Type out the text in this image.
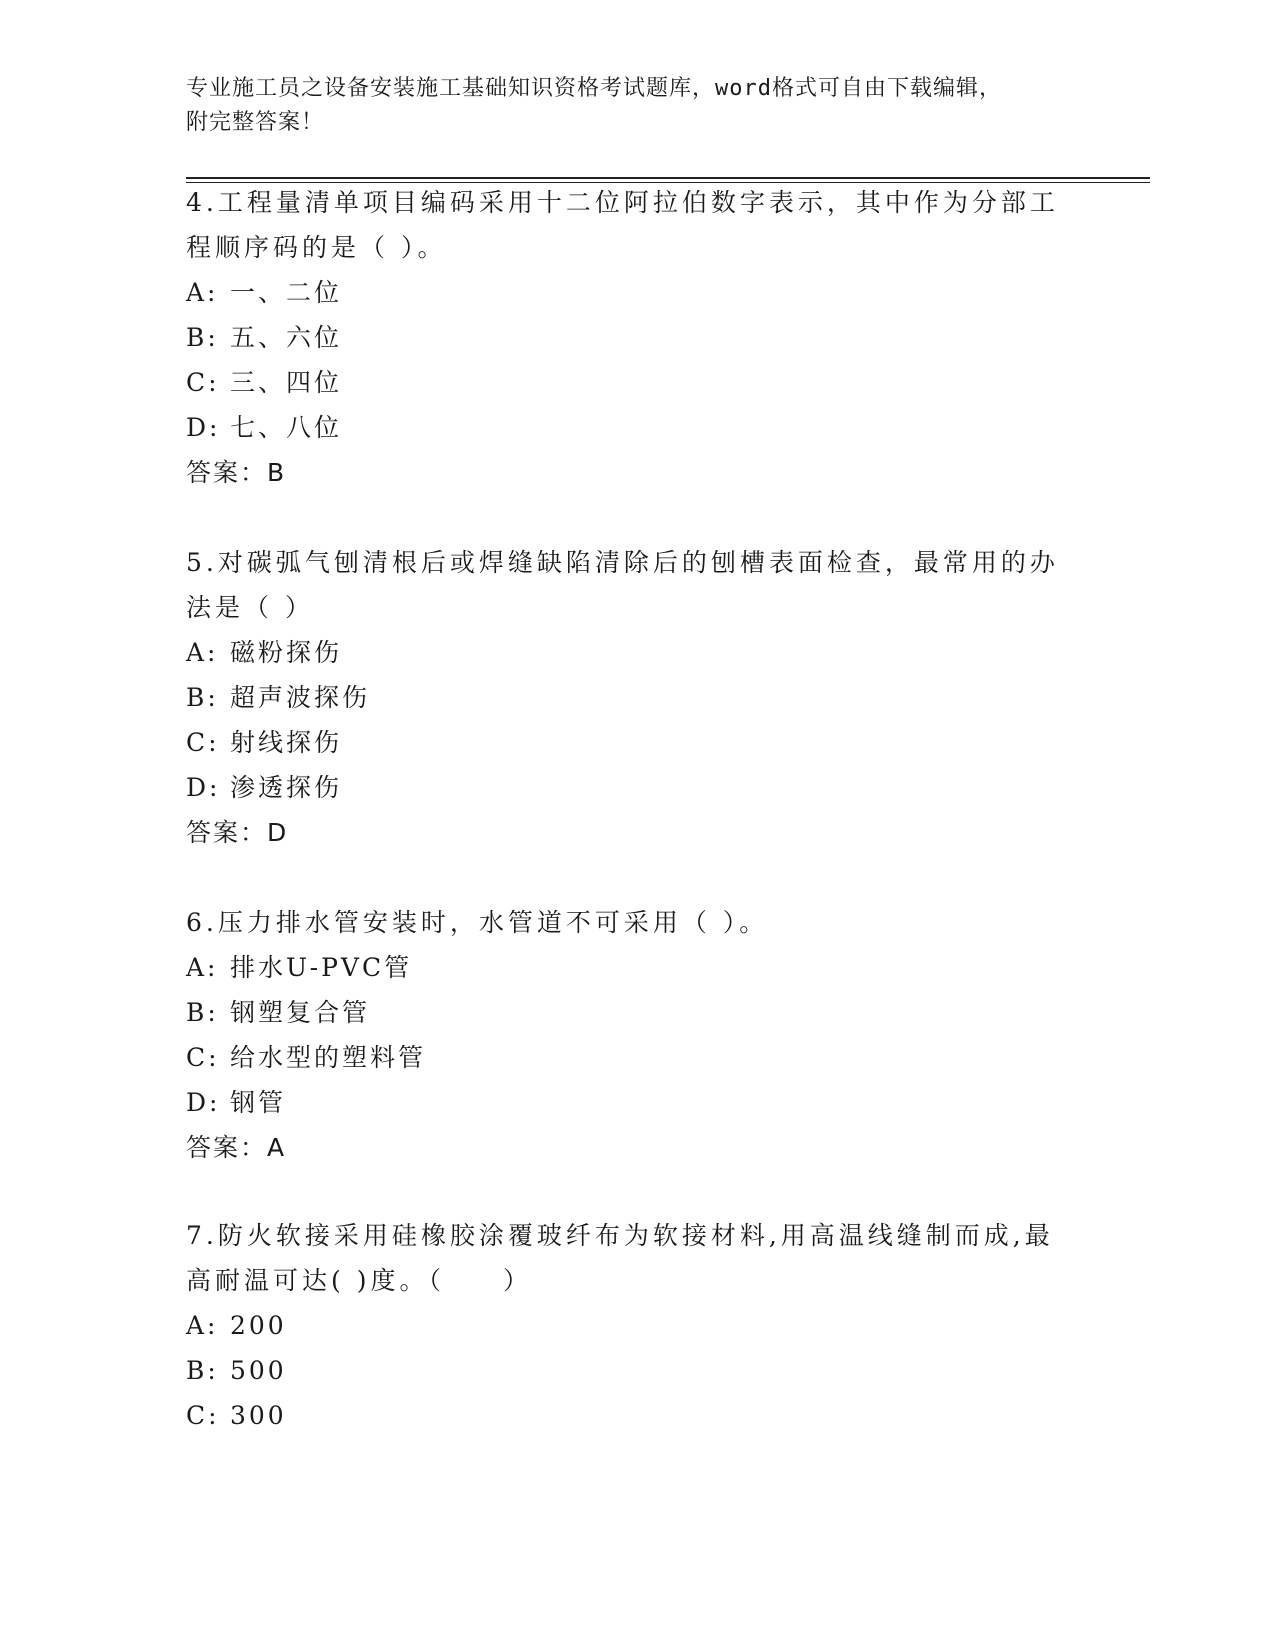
专业施工员之设备安装施工基础知识资格考试题库，word格式可自由下载编辑，
附完整答案！
4.工程量清单项目编码采用十二位阿拉伯数字表示，其中作为分部工程顺序码的是（ ）。
A: 一、二位
B: 五、六位
C: 三、四位
D: 七、八位
答案：B
5.对碳弧气刨清根后或焊缝缺陷清除后的刨槽表面检查，最常用的办法是（ ）
A: 磁粉探伤
B: 超声波探伤
C: 射线探伤
D: 渗透探伤
答案：D
6.压力排水管安装时，水管道不可采用（ ）。
A: 排水U-PVC管
B: 钢塑复合管
C: 给水型的塑料管
D: 钢管
答案：A
7.防火软接采用硅橡胶涂覆玻纤布为软接材料,用高温线缝制而成,最高耐温可达( )度。（　　）
A: 200
B: 500
C: 300
